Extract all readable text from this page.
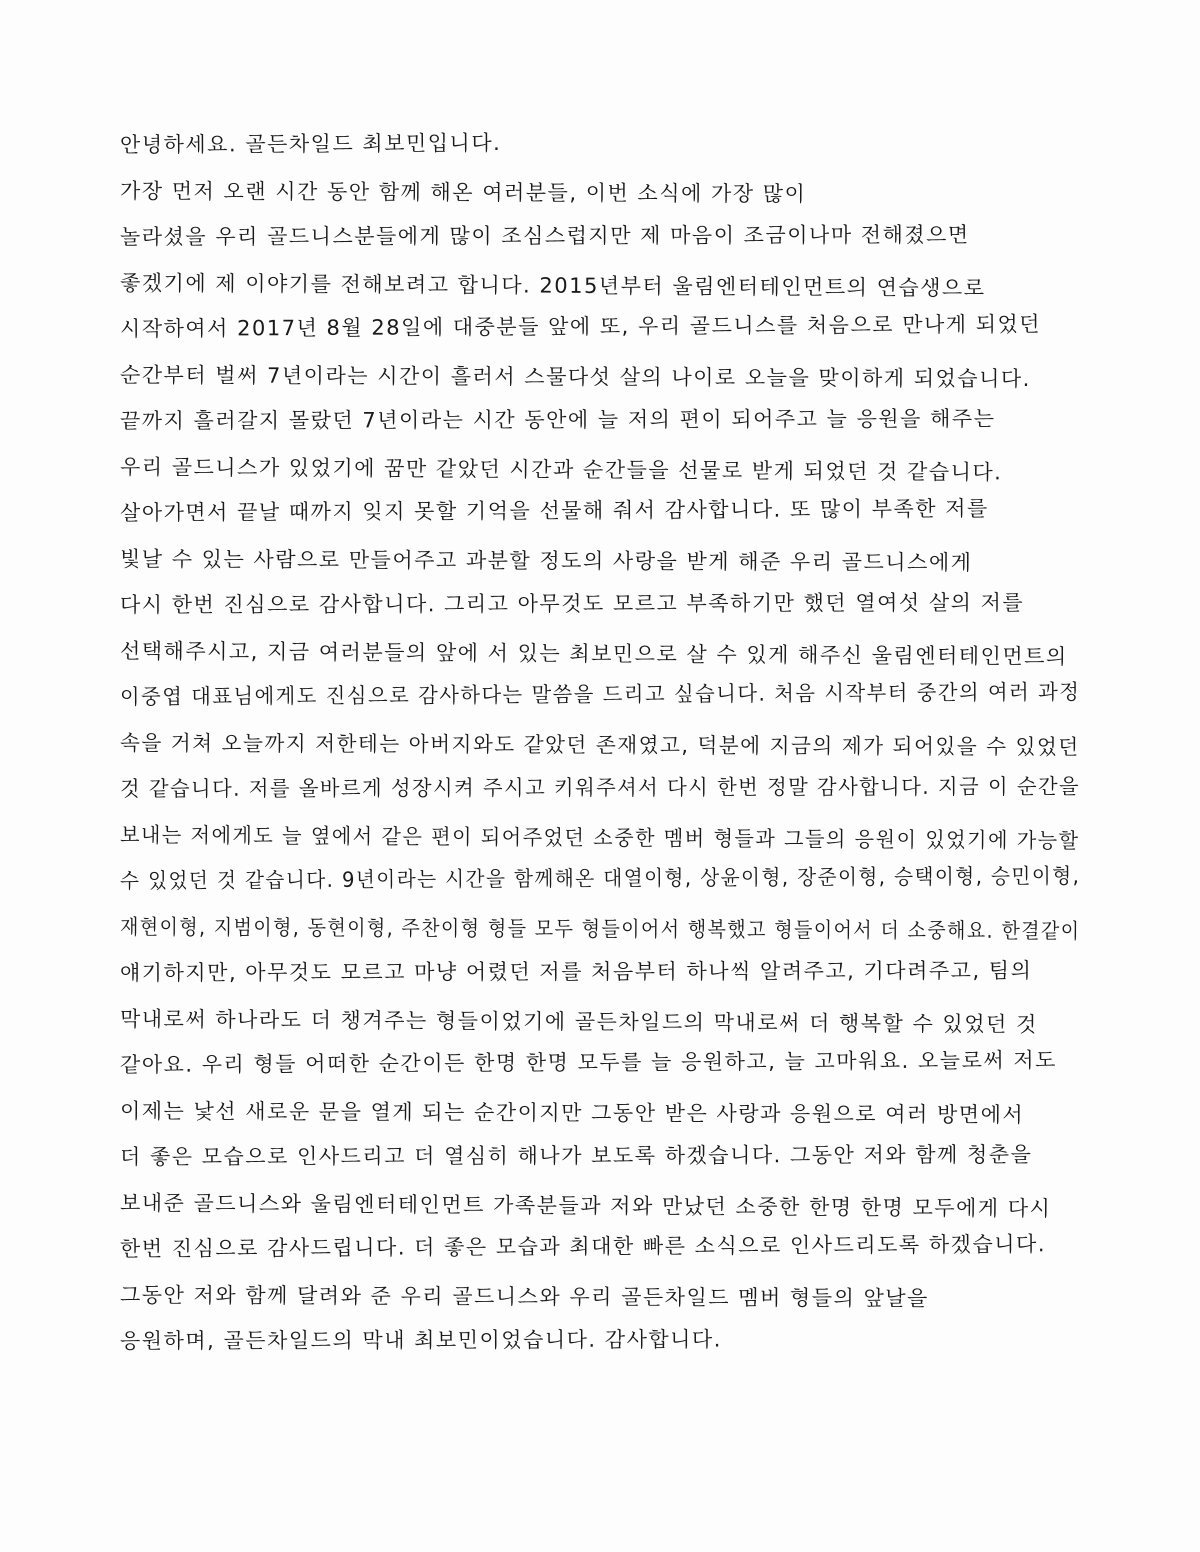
안녕하세요. 골든차일드 최보민입니다.
가장 먼저 오랜 시간 동안 함께 해온 여러분들, 이번 소식에 가장 많이
놀라셨을 우리 골드니스분들에게 많이 조심스럽지만 제 마음이 조금이나마 전해졌으면
좋겠기에 제 이야기를 전해보려고 합니다. 2015년부터 울림엔터테인먼트의 연습생으로
시작하여서 2017년 8월 28일에 대중분들 앞에 또, 우리 골드니스를 처음으로 만나게 되었던
순간부터 벌써 7년이라는 시간이 흘러서 스물다섯 살의 나이로 오늘을 맞이하게 되었습니다.
끝까지 흘러갈지 몰랐던 7년이라는 시간 동안에 늘 저의 편이 되어주고 늘 응원을 해주는
우리 골드니스가 있었기에 꿈만 같았던 시간과 순간들을 선물로 받게 되었던 것 같습니다.
살아가면서 끝날 때까지 잊지 못할 기억을 선물해 줘서 감사합니다. 또 많이 부족한 저를
빛날 수 있는 사람으로 만들어주고 과분할 정도의 사랑을 받게 해준 우리 골드니스에게
다시 한번 진심으로 감사합니다. 그리고 아무것도 모르고 부족하기만 했던 열여섯 살의 저를
선택해주시고, 지금 여러분들의 앞에 서 있는 최보민으로 살 수 있게 해주신 울림엔터테인먼트의
이중엽 대표님에게도 진심으로 감사하다는 말씀을 드리고 싶습니다. 처음 시작부터 중간의 여러 과정
속을 거쳐 오늘까지 저한테는 아버지와도 같았던 존재였고, 덕분에 지금의 제가 되어있을 수 있었던
것 같습니다. 저를 올바르게 성장시켜 주시고 키워주셔서 다시 한번 정말 감사합니다. 지금 이 순간을
보내는 저에게도 늘 옆에서 같은 편이 되어주었던 소중한 멤버 형들과 그들의 응원이 있었기에 가능할
수 있었던 것 같습니다. 9년이라는 시간을 함께해온 대열이형, 상윤이형, 장준이형, 승택이형, 승민이형,
재현이형, 지범이형, 동현이형, 주찬이형 형들 모두 형들이어서 행복했고 형들이어서 더 소중해요. 한결같이
얘기하지만, 아무것도 모르고 마냥 어렸던 저를 처음부터 하나씩 알려주고, 기다려주고, 팀의
막내로써 하나라도 더 챙겨주는 형들이었기에 골든차일드의 막내로써 더 행복할 수 있었던 것
같아요. 우리 형들 어떠한 순간이든 한명 한명 모두를 늘 응원하고, 늘 고마워요. 오늘로써 저도
이제는 낯선 새로운 문을 열게 되는 순간이지만 그동안 받은 사랑과 응원으로 여러 방면에서
더 좋은 모습으로 인사드리고 더 열심히 해나가 보도록 하겠습니다. 그동안 저와 함께 청춘을
보내준 골드니스와 울림엔터테인먼트 가족분들과 저와 만났던 소중한 한명 한명 모두에게 다시
한번 진심으로 감사드립니다. 더 좋은 모습과 최대한 빠른 소식으로 인사드리도록 하겠습니다.
그동안 저와 함께 달려와 준 우리 골드니스와 우리 골든차일드 멤버 형들의 앞날을
응원하며, 골든차일드의 막내 최보민이었습니다. 감사합니다.
